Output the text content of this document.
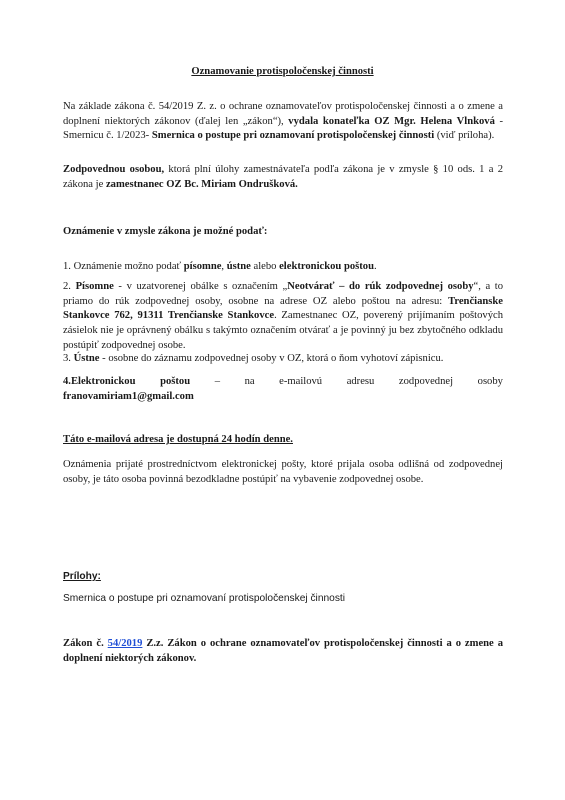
Oznamovanie protispoločenskej činnosti

Na základe zákona č. 54/2019 Z. z. o ochrane oznamovateľov protispoločenskej činnosti a o zmene a doplnení niektorých zákonov (ďalej len „zákon“), vydala konateľka OZ Mgr. Helena Vlnková - Smernicu č. 1/2023- Smernica o postupe pri oznamovaní protispoločenskej činnosti (viď príloha).

Zodpovednou osobou, ktorá plní úlohy zamestnávateľa podľa zákona je v zmysle § 10 ods. 1 a 2 zákona je zamestnanec OZ Bc. Miriam Ondrušková.

Oznámenie v zmysle zákona je možné podať:

1. Oznámenie možno podať písomne, ústne alebo elektronickou poštou.

2. Písomne - v uzatvorenej obálke s označením „Neotvárať – do rúk zodpovednej osoby“, a to priamo do rúk zodpovednej osoby, osobne na adrese OZ alebo poštou na adresu: Trenčianske Stankovce 762, 91311 Trenčianske Stankovce. Zamestnanec OZ, poverený prijímaním poštových zásielok nie je oprávnený obálku s takýmto označením otvárať a je povinný ju bez zbytočného odkladu postúpiť zodpovednej osobe.

3. Ústne - osobne do záznamu zodpovednej osoby v OZ, ktorá o ňom vyhotoví zápisnicu.

4.Elektronickou poštou – na e-mailovú adresu zodpovednej osoby
franovamiriam1@gmail.com

Táto e-mailová adresa je dostupná 24 hodín denne.

Oznámenia prijaté prostredníctvom elektronickej pošty, ktoré prijala osoba odlišná od zodpovednej osoby, je táto osoba povinná bezodkladne postúpiť na vybavenie zodpovednej osobe.

Prílohy:

Smernica o postupe pri oznamovaní protispoločenskej činnosti

Zákon č. 54/2019 Z.z. Zákon o ochrane oznamovateľov protispoločenskej činnosti a o zmene a doplnení niektorých zákonov.
